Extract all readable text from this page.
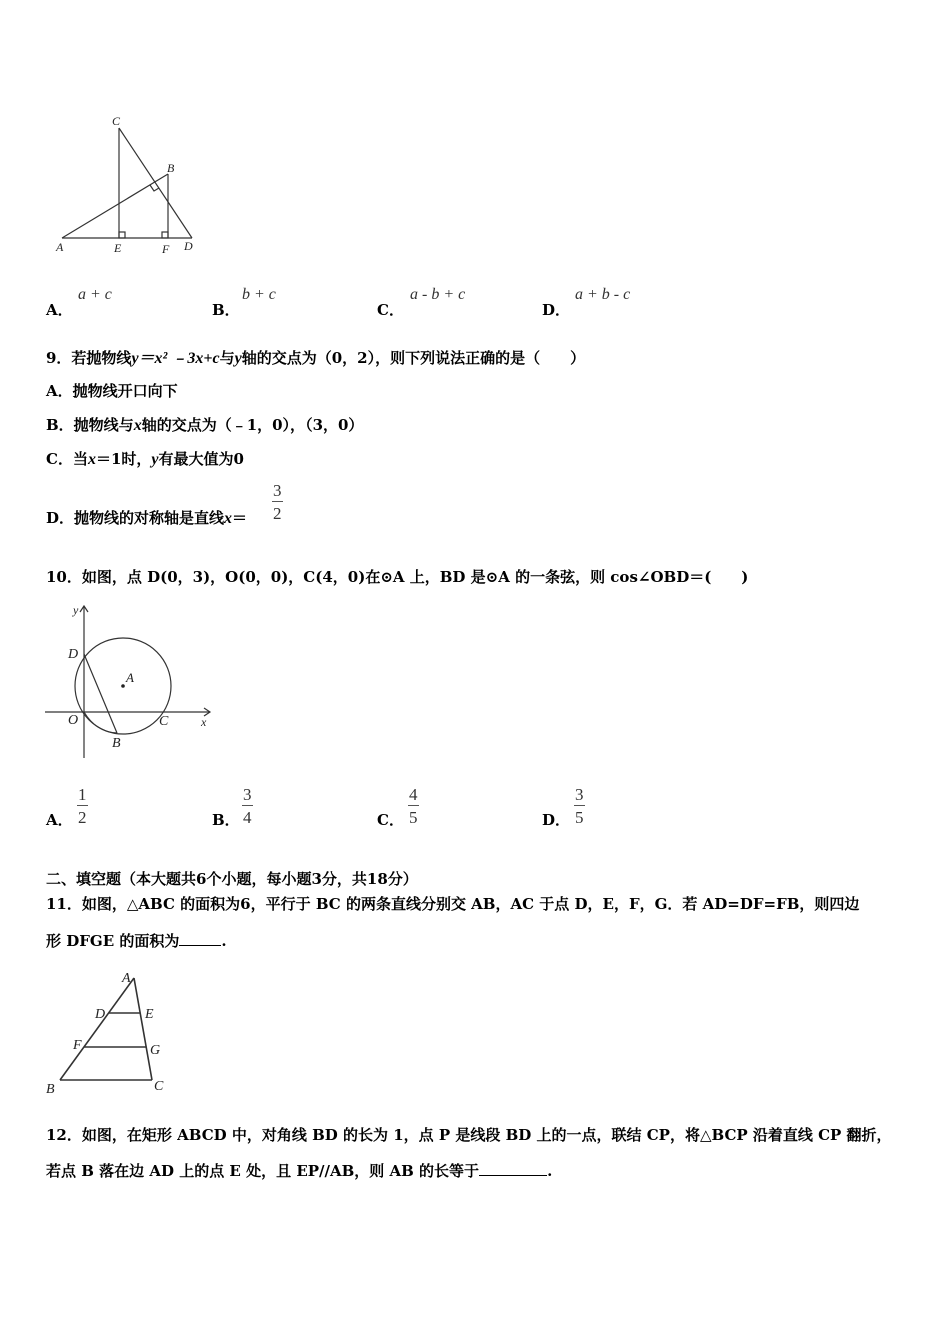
C
B
A	E	F D
A．
a + c
B．
b + c
C．
a - b + c
D．
a + b - c
9．若抛物线y＝x² ﹣3x+c与y轴的交点为（0，2），则下列说法正确的是（　　）
A．抛物线开口向下
B．抛物线与x轴的交点为（﹣1，0），（3，0）
C．当x＝1时，y有最大值为0
D．抛物线的对称轴是直线$x= \frac{3}{2}$
10．如图，点 D(0，3)，O(0，0)，C(4，0)在⊙A 上，BD 是⊙A 的一条弦，则 cos∠OBD＝(　　)
y
x
D
A
O	C
B
A． $\frac{1}{2}$	B． $\frac{3}{4}$	C． $\frac{4}{5}$	D． $\frac{3}{5}$
二、填空题（本大题共6个小题，每小题3分，共18分）
11．如图，△ABC 的面积为6，平行于 BC 的两条直线分别交 AB，AC 于点 D，E，F，G．若 AD=DF=FB，则四边
形 DFGE 的面积为	.
A
D	E
F	G
B	C
12．如图，在矩形 ABCD 中，对角线 BD 的长为 1，点 P 是线段 BD 上的一点，联结 CP，将△BCP 沿着直线 CP 翻折，
若点 B 落在边 AD 上的点 E 处，且 EP//AB，则 AB 的长等于	.
